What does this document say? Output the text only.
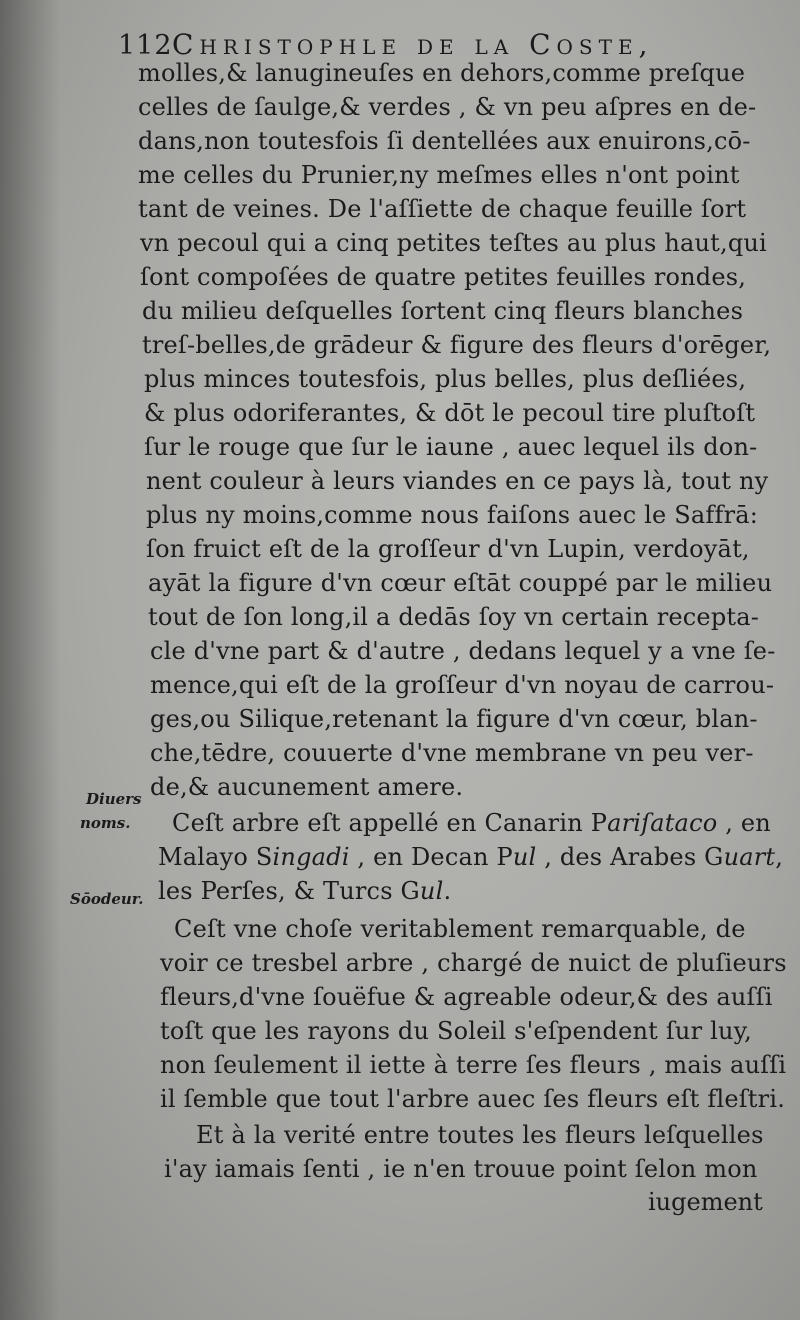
112 Christophle de la Coste,
molles,& lanugineuſes en dehors,comme preſque
celles de ſaulge,& verdes , & vn peu aſpres en de-
dans,non toutesfois ſi dentellées aux enuirons,cō-
me celles du Prunier,ny meſmes elles n'ont point
tant de veines. De l'aſſiette de chaque feuille ſort
vn pecoul qui a cinq petites teſtes au plus haut,qui
ſont compoſées de quatre petites feuilles rondes,
du milieu deſquelles ſortent cinq fleurs blanches
treſ-belles,de grādeur & figure des fleurs d'orēger,
plus minces toutesfois, plus belles, plus deſliées,
& plus odoriferantes, & dōt le pecoul tire pluſtoſt
ſur le rouge que ſur le iaune , auec lequel ils don-
nent couleur à leurs viandes en ce pays là, tout ny
plus ny moins,comme nous faiſons auec le Saffrā:
ſon fruict eſt de la groſſeur d'vn Lupin, verdoyāt,
ayāt la figure d'vn cœur eſtāt couppé par le milieu
tout de ſon long,il a dedās ſoy vn certain recepta-
cle d'vne part & d'autre , dedans lequel y a vne ſe-
mence,qui eſt de la groſſeur d'vn noyau de carrou-
ges,ou Silique,retenant la figure d'vn cœur, blan-
che,tēdre, couuerte d'vne membrane vn peu ver-
de,& aucunement amere.
Ceſt arbre eſt appellé en Canarin Pariſataco , en
Malayo Singadi , en Decan Pul , des Arabes Guart,
les Perſes, & Turcs Gul.
Ceſt vne choſe veritablement remarquable, de
voir ce tresbel arbre , chargé de nuict de pluſieurs
fleurs,d'vne ſouëfue & agreable odeur,& des auſſi
toſt que les rayons du Soleil s'eſpendent ſur luy,
non ſeulement il iette à terre ſes fleurs , mais auſſi
il ſemble que tout l'arbre auec ſes fleurs eſt fleſtri.
Et à la verité entre toutes les fleurs leſquelles
i'ay iamais ſenti , ie n'en trouue point ſelon mon
Diuers
noms.
Sōodeur.
iugement
